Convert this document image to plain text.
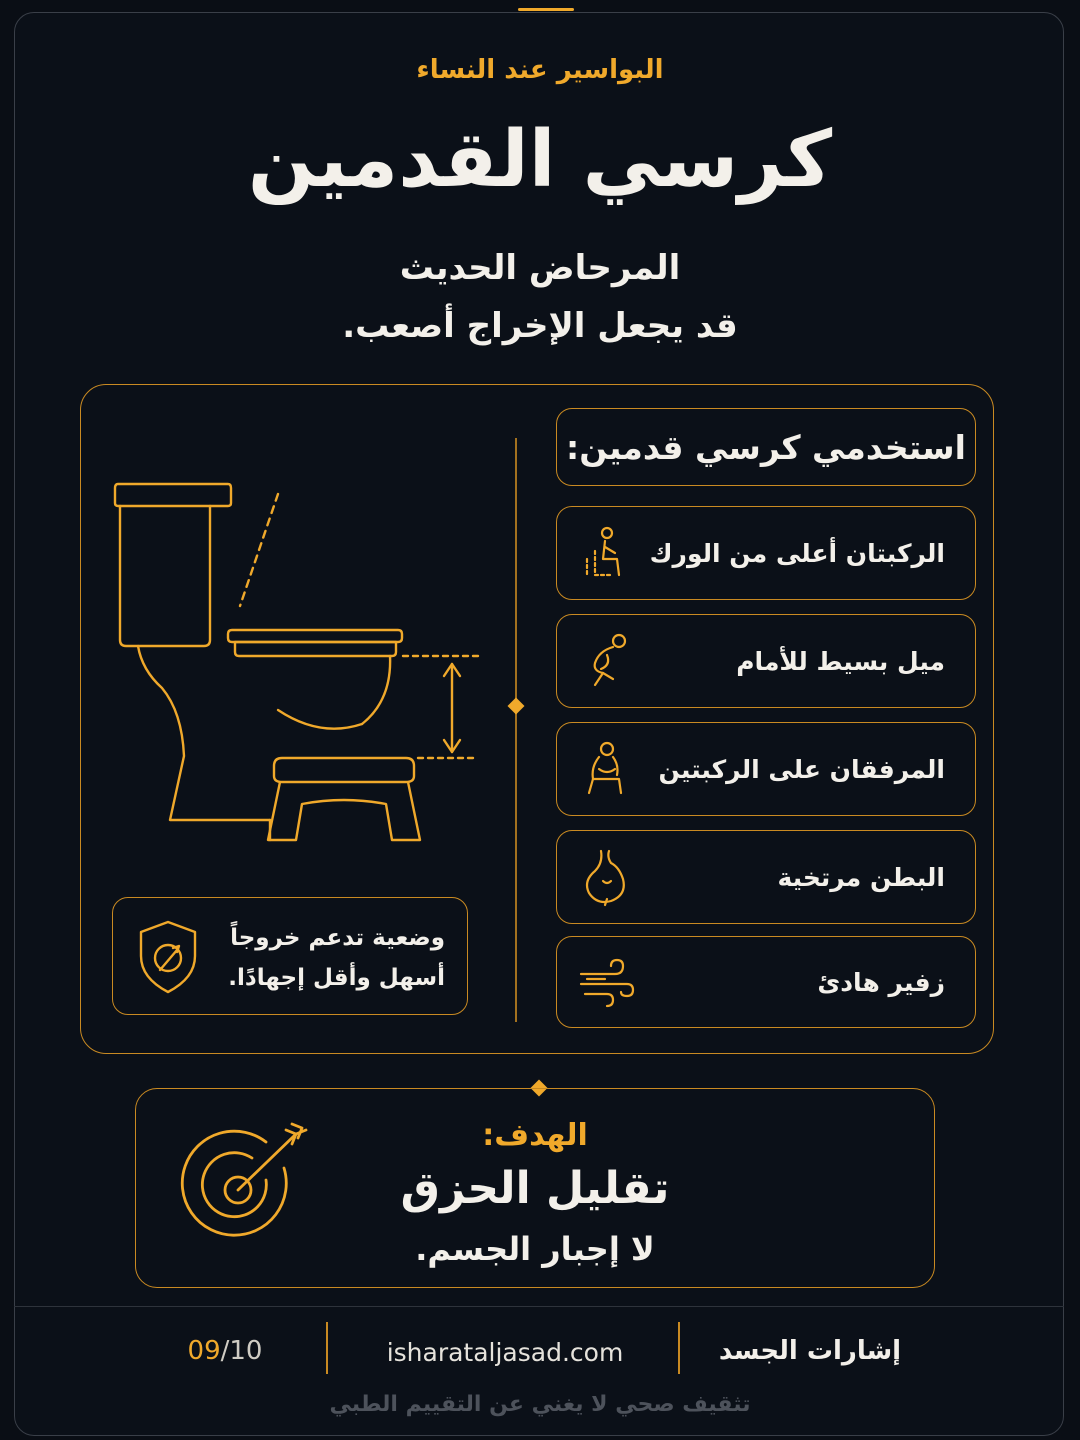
البواسير عند النساء
كرسي القدمين
المرحاض الحديث
قد يجعل الإخراج أصعب.
وضعية تدعم خروجاً
أسهل وأقل إجهادًا.
استخدمي كرسي قدمين:
الركبتان أعلى من الورك
ميل بسيط للأمام
المرفقان على الركبتين
البطن مرتخية
زفير هادئ
الهدف:
تقليل الحزق
لا إجبار الجسم.
إشارات الجسد
isharataljasad.com
09/10
تثقيف صحي لا يغني عن التقييم الطبي
